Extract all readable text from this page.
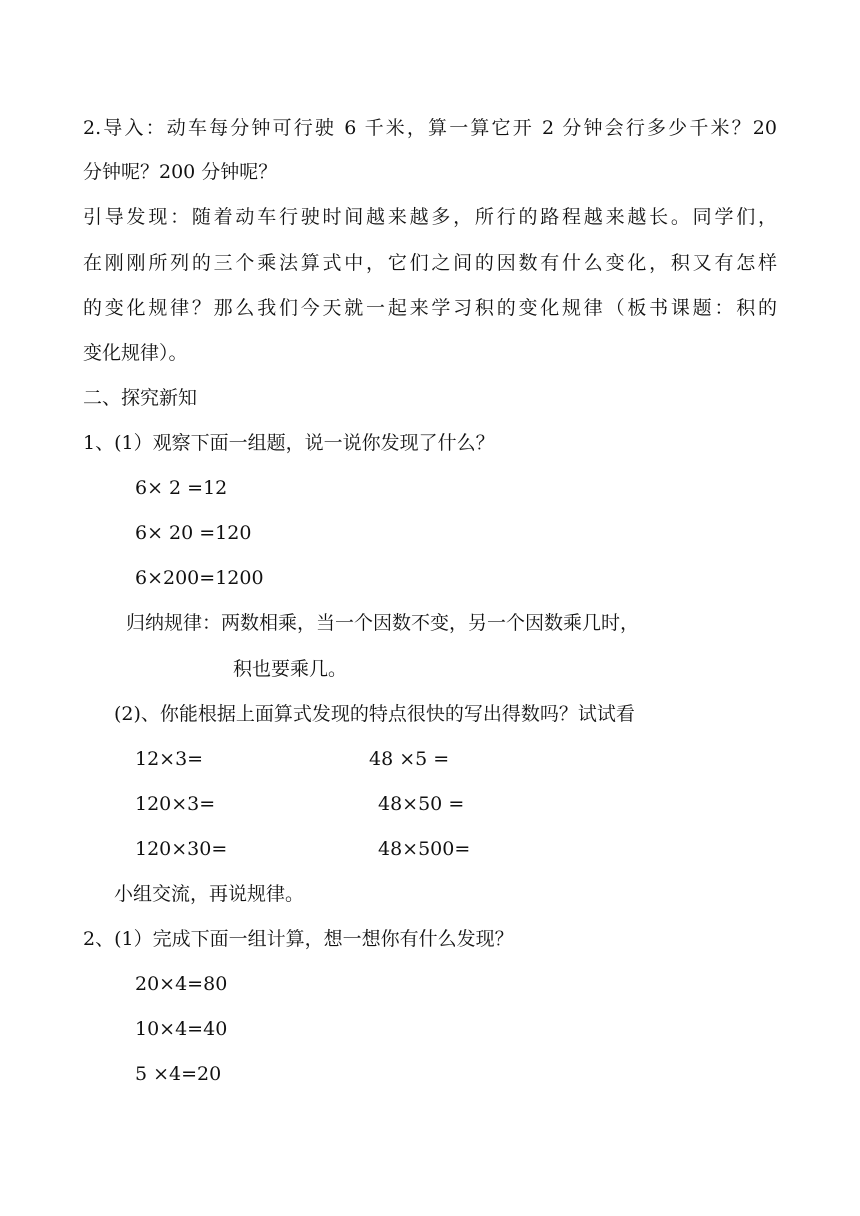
2.导入：动车每分钟可行驶 6 千米，算一算它开 2 分钟会行多少千米？20
分钟呢？200 分钟呢？
引导发现：随着动车行驶时间越来越多，所行的路程越来越长。同学们，
在刚刚所列的三个乘法算式中，它们之间的因数有什么变化，积又有怎样
的变化规律？那么我们今天就一起来学习积的变化规律（板书课题：积的
变化规律）。
二、探究新知
1、(1）观察下面一组题，说一说你发现了什么？
6× 2 =12
6× 20 =120
6×200=1200
归纳规律：两数相乘，当一个因数不变，另一个因数乘几时，
积也要乘几。
(2)、你能根据上面算式发现的特点很快的写出得数吗？试试看
12×3=	48 ×5 =
120×3=	48×50 =
120×30=	48×500=
小组交流，再说规律。
2、(1）完成下面一组计算，想一想你有什么发现？
20×4=80
10×4=40
5 ×4=20
